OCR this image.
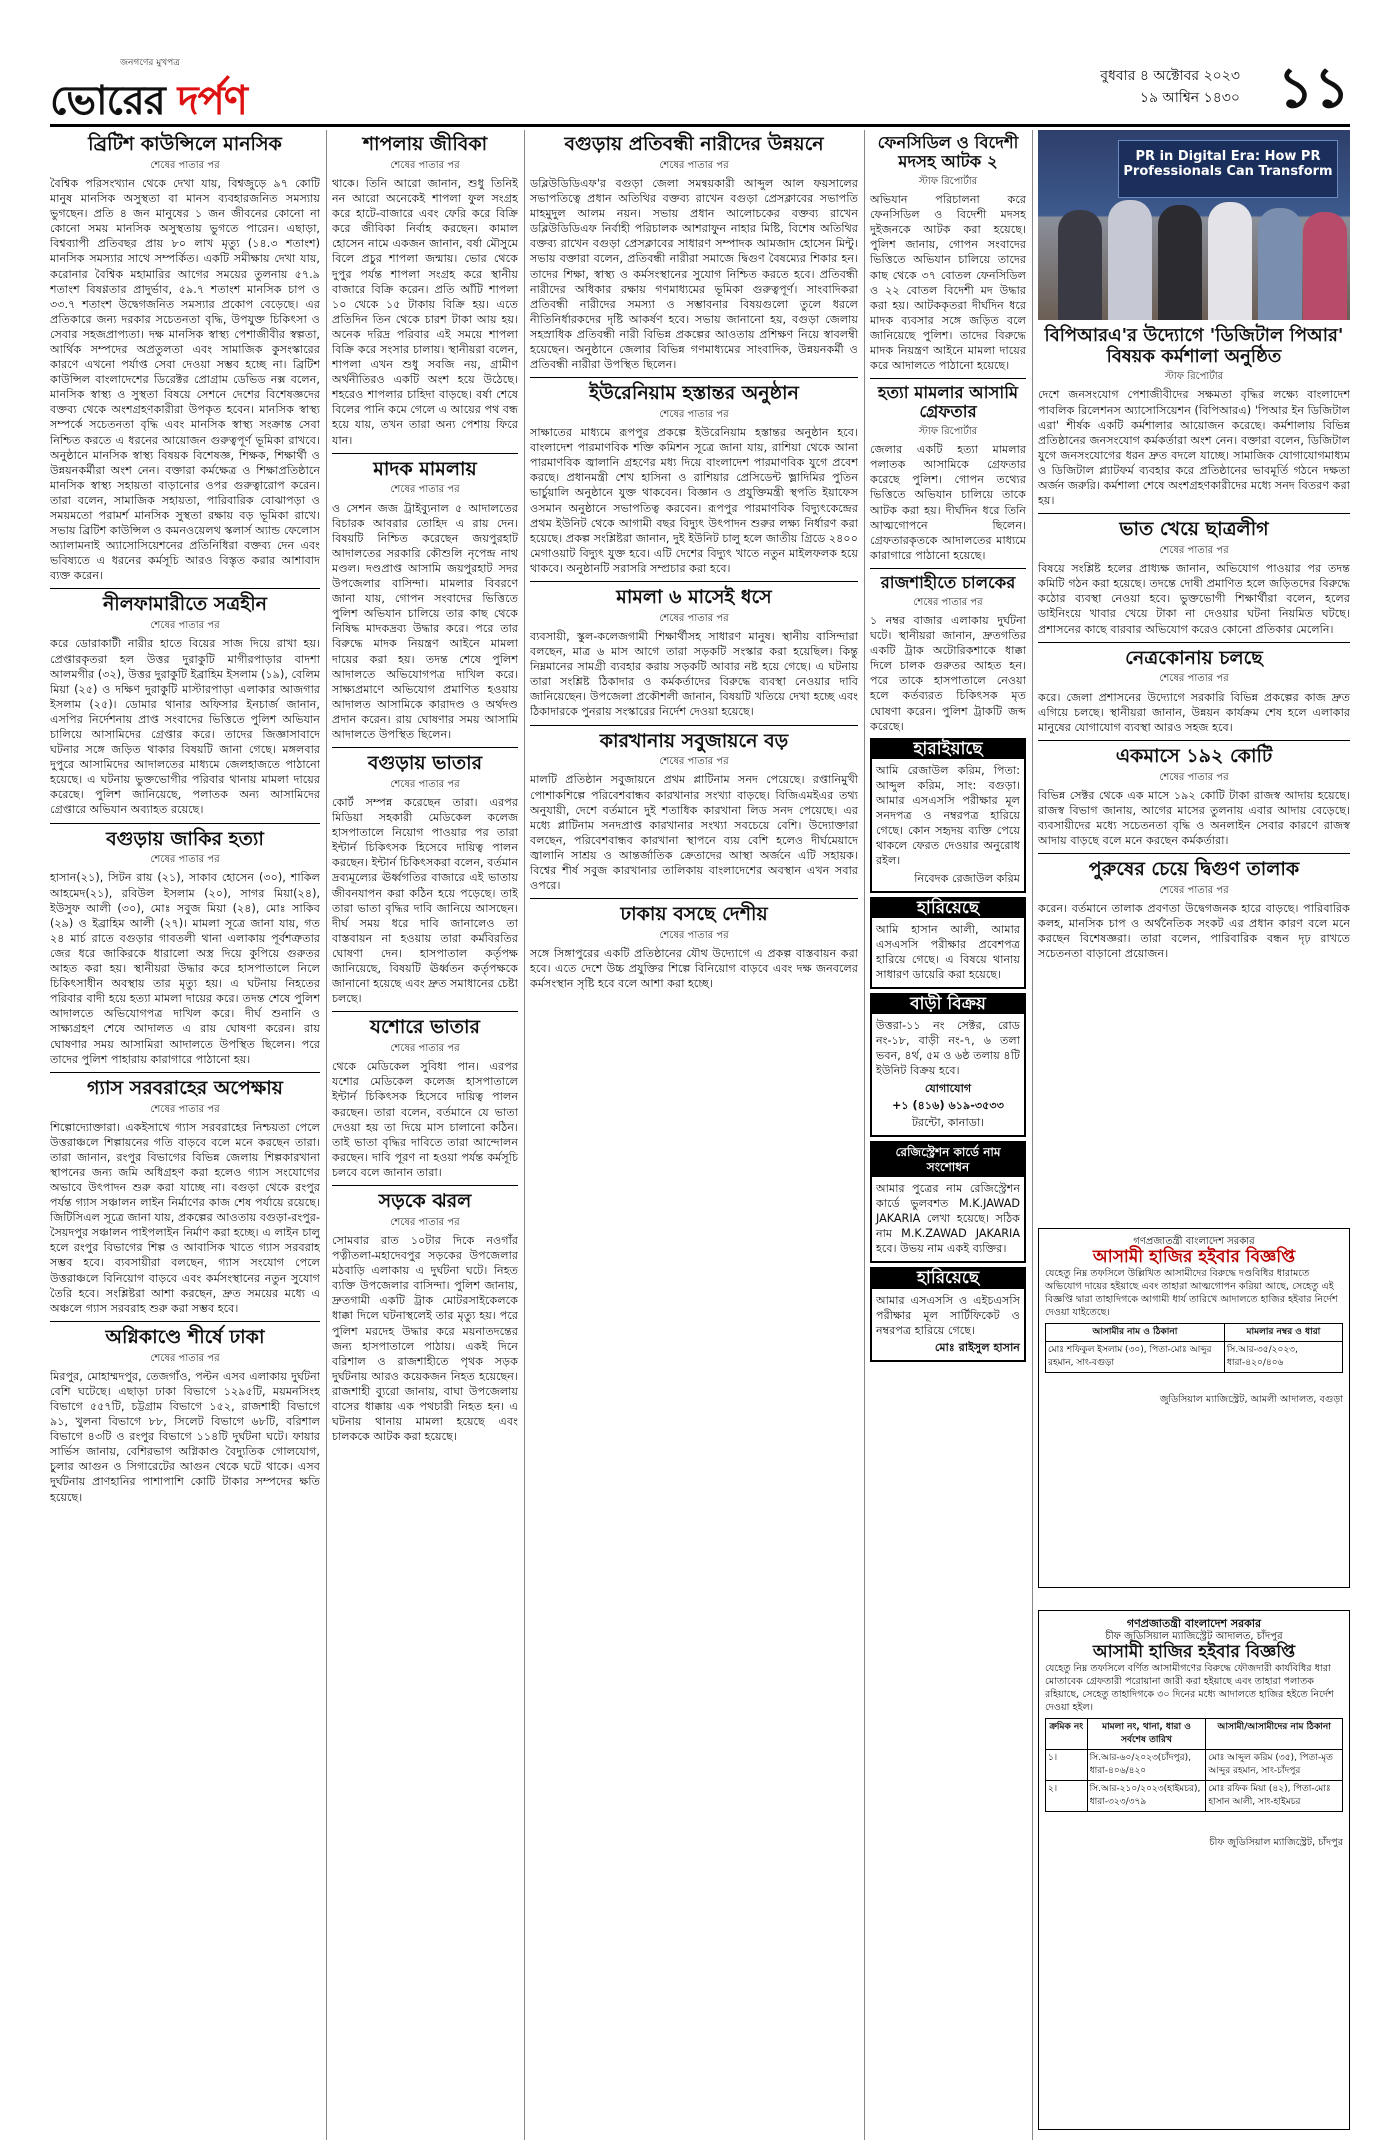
জনগণের মুখপত্র
ভোরের দর্পণ
বুধবার ৪ অক্টোবর ২০২৩
১৯ আশ্বিন ১৪৩০ ১১
ব্রিটিশ কাউন্সিলে মানসিক
শেষের পাতার পর

বৈশ্বিক পরিসংখ্যান থেকে দেখা যায়, বিশ্বজুড়ে ৯৭ কোটি মানুষ মানসিক অসুস্থতা বা মানস ব্যবহারজনিত সমস্যায় ভুগছেন। প্রতি ৪ জন মানুষের ১ জন জীবনের কোনো না কোনো সময় মানসিক অসুস্থতায় ভুগতে পারেন। এছাড়া, বিশ্বব্যাপী প্রতিবছর প্রায় ৮০ লাখ মৃত্যু (১৪.৩ শতাংশ) মানসিক সমস্যার সাথে সম্পর্কিত। একটি সমীক্ষায় দেখা যায়, করোনার বৈশ্বিক মহামারির আগের সময়ের তুলনায় ৫৭.৯ শতাংশ বিষণ্ণতার প্রাদুর্ভাব, ৫৯.৭ শতাংশ মানসিক চাপ ও ৩৩.৭ শতাংশ উদ্বেগজনিত সমস্যার প্রকোপ বেড়েছে। এর প্রতিকারে জন্য দরকার সচেতনতা বৃদ্ধি, উপযুক্ত চিকিৎসা ও সেবার সহজপ্রাপ্যতা। দক্ষ মানসিক স্বাস্থ্য পেশাজীবীর স্বল্পতা, আর্থিক সম্পদের অপ্রতুলতা এবং সামাজিক কুসংস্কারের কারণে এখনো পর্যাপ্ত সেবা দেওয়া সম্ভব হচ্ছে না। ব্রিটিশ কাউন্সিল বাংলাদেশের ডিরেক্টর প্রোগ্রাম ডেভিড নক্স বলেন, মানসিক স্বাস্থ্য ও সুস্থতা বিষয়ে সেশনে দেশের বিশেষজ্ঞদের বক্তব্য থেকে অংশগ্রহণকারীরা উপকৃত হবেন। মানসিক স্বাস্থ্য সম্পর্কে সচেতনতা বৃদ্ধি এবং মানসিক স্বাস্থ্য সংক্রান্ত সেবা নিশ্চিত করতে এ ধরনের আয়োজন গুরুত্বপূর্ণ ভূমিকা রাখবে। অনুষ্ঠানে মানসিক স্বাস্থ্য বিষয়ক বিশেষজ্ঞ, শিক্ষক, শিক্ষার্থী ও উন্নয়নকর্মীরা অংশ নেন। বক্তারা কর্মক্ষেত্র ও শিক্ষাপ্রতিষ্ঠানে মানসিক স্বাস্থ্য সহায়তা বাড়ানোর ওপর গুরুত্বারোপ করেন। তারা বলেন, সামাজিক সহায়তা, পারিবারিক বোঝাপড়া ও সময়মতো পরামর্শ মানসিক সুস্থতা রক্ষায় বড় ভূমিকা রাখে। সভায় ব্রিটিশ কাউন্সিল ও কমনওয়েলথ স্কলার্স অ্যান্ড ফেলোস অ্যালামনাই অ্যাসোসিয়েশনের প্রতিনিধিরা বক্তব্য দেন এবং ভবিষ্যতে এ ধরনের কর্মসূচি আরও বিস্তৃত করার আশাবাদ ব্যক্ত করেন।

নীলফামারীতে সত্রহীন
শেষের পাতার পর

করে ডোরাকাটী নারীর হাতে বিয়ের সাজ দিয়ে রাখা হয়। প্রেপ্তারকৃতরা হল উত্তর দুরাকুটি মাগীরপাড়ার বাদশা আলমগীর (৩২), উত্তর দুরাকুটি ইব্রাহিম ইসলাম (১৯), বেলিম মিয়া (২৫) ও দক্ষিণ দুরাকুটি মাস্টারপাড়া এলাকার আজগার ইসলাম (২৫)। ডোমার থানার অফিসার ইনচার্জ জানান, এসপির নির্দেশনায় প্রাপ্ত সংবাদের ভিত্তিতে পুলিশ অভিযান চালিয়ে আসামিদের গ্রেপ্তার করে। তাদের জিজ্ঞাসাবাদে ঘটনার সঙ্গে জড়িত থাকার বিষয়টি জানা গেছে। মঙ্গলবার দুপুরে আসামিদের আদালতের মাধ্যমে জেলহাজতে পাঠানো হয়েছে। এ ঘটনায় ভুক্তভোগীর পরিবার থানায় মামলা দায়ের করেছে। পুলিশ জানিয়েছে, পলাতক অন্য আসামিদের গ্রেপ্তারে অভিযান অব্যাহত রয়েছে।

বগুড়ায় জাকির হত্যা
শেষের পাতার পর

হাসান(২১), সিটন রায় (২১), সাকাব হোসেন (৩০), শাকিল আহমেদ(২১), রবিউল ইসলাম (২০), সাগর মিয়া(২৪), ইউসুফ আলী (৩০), মোঃ সবুজ মিয়া (২৪), মোঃ সাকিব (২৯) ও ইব্রাহিম আলী (২৭)। মামলা সূত্রে জানা যায়, গত ২৪ মার্চ রাতে বগুড়ার গাবতলী থানা এলাকায় পূর্বশত্রুতার জের ধরে জাকিরকে ধারালো অস্ত্র দিয়ে কুপিয়ে গুরুতর আহত করা হয়। স্থানীয়রা উদ্ধার করে হাসপাতালে নিলে চিকিৎসাধীন অবস্থায় তার মৃত্যু হয়। এ ঘটনায় নিহতের পরিবার বাদী হয়ে হত্যা মামলা দায়ের করে। তদন্ত শেষে পুলিশ আদালতে অভিযোগপত্র দাখিল করে। দীর্ঘ শুনানি ও সাক্ষ্যগ্রহণ শেষে আদালত এ রায় ঘোষণা করেন। রায় ঘোষণার সময় আসামিরা আদালতে উপস্থিত ছিলেন। পরে তাদের পুলিশ পাহারায় কারাগারে পাঠানো হয়।

গ্যাস সরবরাহের অপেক্ষায়
শেষের পাতার পর

শিল্পোদ্যোক্তারা। একইসাথে গ্যাস সরবরাহের নিশ্চয়তা পেলে উত্তরাঞ্চলে শিল্পায়নের গতি বাড়বে বলে মনে করছেন তারা। তারা জানান, রংপুর বিভাগের বিভিন্ন জেলায় শিল্পকারখানা স্থাপনের জন্য জমি অধিগ্রহণ করা হলেও গ্যাস সংযোগের অভাবে উৎপাদন শুরু করা যাচ্ছে না। বগুড়া থেকে রংপুর পর্যন্ত গ্যাস সঞ্চালন লাইন নির্মাণের কাজ শেষ পর্যায়ে রয়েছে। জিটিসিএল সূত্রে জানা যায়, প্রকল্পের আওতায় বগুড়া-রংপুর-সৈয়দপুর সঞ্চালন পাইপলাইন নির্মাণ করা হচ্ছে। এ লাইন চালু হলে রংপুর বিভাগের শিল্প ও আবাসিক খাতে গ্যাস সরবরাহ সম্ভব হবে। ব্যবসায়ীরা বলছেন, গ্যাস সংযোগ পেলে উত্তরাঞ্চলে বিনিয়োগ বাড়বে এবং কর্মসংস্থানের নতুন সুযোগ তৈরি হবে। সংশ্লিষ্টরা আশা করছেন, দ্রুত সময়ের মধ্যে এ অঞ্চলে গ্যাস সরবরাহ শুরু করা সম্ভব হবে।

অগ্নিকাণ্ডে শীর্ষে ঢাকা
শেষের পাতার পর

মিরপুর, মোহাম্মদপুর, তেজগাঁও, পল্টন এসব এলাকায় দুর্ঘটনা বেশি ঘটেছে। এছাড়া ঢাকা বিভাগে ১২৯৫টি, ময়মনসিংহ বিভাগে ৫৫৭টি, চট্টগ্রাম বিভাগে ১৫২, রাজশাহী বিভাগে ৯১, খুলনা বিভাগে ৮৮, সিলেট বিভাগে ৬৮টি, বরিশাল বিভাগে ৪৩টি ও রংপুর বিভাগে ১১৪টি দুর্ঘটনা ঘটে। ফায়ার সার্ভিস জানায়, বেশিরভাগ অগ্নিকাণ্ড বৈদ্যুতিক গোলযোগ, চুলার আগুন ও সিগারেটের আগুন থেকে ঘটে থাকে। এসব দুর্ঘটনায় প্রাণহানির পাশাপাশি কোটি টাকার সম্পদের ক্ষতি হয়েছে।

শাপলায় জীবিকা
শেষের পাতার পর

থাকে। তিনি আরো জানান, শুধু তিনিই নন আরো অনেকেই শাপলা ফুল সংগ্রহ করে হাটে-বাজারে এবং ফেরি করে বিক্রি করে জীবিকা নির্বাহ করছেন। কামাল হোসেন নামে একজন জানান, বর্ষা মৌসুমে বিলে প্রচুর শাপলা জন্মায়। ভোর থেকে দুপুর পর্যন্ত শাপলা সংগ্রহ করে স্থানীয় বাজারে বিক্রি করেন। প্রতি আঁটি শাপলা ১০ থেকে ১৫ টাকায় বিক্রি হয়। এতে প্রতিদিন তিন থেকে চারশ টাকা আয় হয়। অনেক দরিদ্র পরিবার এই সময়ে শাপলা বিক্রি করে সংসার চালায়। স্থানীয়রা বলেন, শাপলা এখন শুধু সবজি নয়, গ্রামীণ অর্থনীতিরও একটি অংশ হয়ে উঠেছে। শহরেও শাপলার চাহিদা বাড়ছে। বর্ষা শেষে বিলের পানি কমে গেলে এ আয়ের পথ বন্ধ হয়ে যায়, তখন তারা অন্য পেশায় ফিরে যান।

মাদক মামলায়
শেষের পাতার পর

ও সেশন জজ ট্রাইব্যুনাল ৫ আদালতের বিচারক আবরার তোহিদ এ রায় দেন। বিষয়টি নিশ্চিত করেছেন জয়পুরহাট আদালতের সরকারি কৌশুলি নৃপেন্দ্র নাথ মণ্ডল। দণ্ডপ্রাপ্ত আসামি জয়পুরহাট সদর উপজেলার বাসিন্দা। মামলার বিবরণে জানা যায়, গোপন সংবাদের ভিত্তিতে পুলিশ অভিযান চালিয়ে তার কাছ থেকে নিষিদ্ধ মাদকদ্রব্য উদ্ধার করে। পরে তার বিরুদ্ধে মাদক নিয়ন্ত্রণ আইনে মামলা দায়ের করা হয়। তদন্ত শেষে পুলিশ আদালতে অভিযোগপত্র দাখিল করে। সাক্ষ্যপ্রমাণে অভিযোগ প্রমাণিত হওয়ায় আদালত আসামিকে কারাদণ্ড ও অর্থদণ্ড প্রদান করেন। রায় ঘোষণার সময় আসামি আদালতে উপস্থিত ছিলেন।

বগুড়ায় ভাতার
শেষের পাতার পর

কোর্ট সম্পন্ন করেছেন তারা। এরপর মিডিয়া সহকারী মেডিকেল কলেজ হাসপাতালে নিয়োগ পাওয়ার পর তারা ইন্টার্ন চিকিৎসক হিসেবে দায়িত্ব পালন করছেন। ইন্টার্ন চিকিৎসকরা বলেন, বর্তমান দ্রব্যমূল্যের ঊর্ধ্বগতির বাজারে এই ভাতায় জীবনযাপন করা কঠিন হয়ে পড়েছে। তাই তারা ভাতা বৃদ্ধির দাবি জানিয়ে আসছেন। দীর্ঘ সময় ধরে দাবি জানালেও তা বাস্তবায়ন না হওয়ায় তারা কর্মবিরতির ঘোষণা দেন। হাসপাতাল কর্তৃপক্ষ জানিয়েছে, বিষয়টি ঊর্ধ্বতন কর্তৃপক্ষকে জানানো হয়েছে এবং দ্রুত সমাধানের চেষ্টা চলছে।

যশোরে ভাতার
শেষের পাতার পর

থেকে মেডিকেল সুবিধা পান। এরপর যশোর মেডিকেল কলেজ হাসপাতালে ইন্টার্ন চিকিৎসক হিসেবে দায়িত্ব পালন করছেন। তারা বলেন, বর্তমানে যে ভাতা দেওয়া হয় তা দিয়ে মাস চালানো কঠিন। তাই ভাতা বৃদ্ধির দাবিতে তারা আন্দোলন করছেন। দাবি পূরণ না হওয়া পর্যন্ত কর্মসূচি চলবে বলে জানান তারা।

সড়কে ঝরল
শেষের পাতার পর

সোমবার রাত ১০টার দিকে নওগাঁর পত্নীতলা-মহাদেবপুর সড়কের উপজেলার মঠবাড়ি এলাকায় এ দুর্ঘটনা ঘটে। নিহত ব্যক্তি উপজেলার বাসিন্দা। পুলিশ জানায়, দ্রুতগামী একটি ট্রাক মোটরসাইকেলকে ধাক্কা দিলে ঘটনাস্থলেই তার মৃত্যু হয়। পরে পুলিশ মরদেহ উদ্ধার করে ময়নাতদন্তের জন্য হাসপাতালে পাঠায়। একই দিনে বরিশাল ও রাজশাহীতে পৃথক সড়ক দুর্ঘটনায় আরও কয়েকজন নিহত হয়েছেন। রাজশাহী ব্যুরো জানায়, বাঘা উপজেলায় বাসের ধাক্কায় এক পথচারী নিহত হন। এ ঘটনায় থানায় মামলা হয়েছে এবং চালককে আটক করা হয়েছে।

বগুড়ায় প্রতিবন্ধী নারীদের উন্নয়নে
শেষের পাতার পর

ডব্লিউডিডিএফ'র বগুড়া জেলা সমন্বয়কারী আব্দুল আল ফয়সালের সভাপতিত্বে প্রধান অতিথির বক্তব্য রাখেন বগুড়া প্রেসক্লাবের সভাপতি মাহমুদুল আলম নয়ন। সভায় প্রধান আলোচকের বক্তব্য রাখেন ডব্লিউডিডিএফ নির্বাহী পরিচালক আশরাফুন নাহার মিষ্টি, বিশেষ অতিথির বক্তব্য রাখেন বগুড়া প্রেসক্লাবের সাধারণ সম্পাদক আমজাদ হোসেন মিন্টু। সভায় বক্তারা বলেন, প্রতিবন্ধী নারীরা সমাজে দ্বিগুণ বৈষম্যের শিকার হন। তাদের শিক্ষা, স্বাস্থ্য ও কর্মসংস্থানের সুযোগ নিশ্চিত করতে হবে। প্রতিবন্ধী নারীদের অধিকার রক্ষায় গণমাধ্যমের ভূমিকা গুরুত্বপূর্ণ। সাংবাদিকরা প্রতিবন্ধী নারীদের সমস্যা ও সম্ভাবনার বিষয়গুলো তুলে ধরলে নীতিনির্ধারকদের দৃষ্টি আকর্ষণ হবে। সভায় জানানো হয়, বগুড়া জেলায় সহস্রাধিক প্রতিবন্ধী নারী বিভিন্ন প্রকল্পের আওতায় প্রশিক্ষণ নিয়ে স্বাবলম্বী হয়েছেন। অনুষ্ঠানে জেলার বিভিন্ন গণমাধ্যমের সাংবাদিক, উন্নয়নকর্মী ও প্রতিবন্ধী নারীরা উপস্থিত ছিলেন।

ইউরেনিয়াম হস্তান্তর অনুষ্ঠান
শেষের পাতার পর

সাক্ষাতের মাধ্যমে রূপপুর প্রকল্পে ইউরেনিয়াম হস্তান্তর অনুষ্ঠান হবে। বাংলাদেশ পারমাণবিক শক্তি কমিশন সূত্রে জানা যায়, রাশিয়া থেকে আনা পারমাণবিক জ্বালানি গ্রহণের মধ্য দিয়ে বাংলাদেশ পারমাণবিক যুগে প্রবেশ করছে। প্রধানমন্ত্রী শেখ হাসিনা ও রাশিয়ার প্রেসিডেন্ট ভ্লাদিমির পুতিন ভার্চুয়ালি অনুষ্ঠানে যুক্ত থাকবেন। বিজ্ঞান ও প্রযুক্তিমন্ত্রী স্থপতি ইয়াফেস ওসমান অনুষ্ঠানে সভাপতিত্ব করবেন। রূপপুর পারমাণবিক বিদ্যুৎকেন্দ্রের প্রথম ইউনিট থেকে আগামী বছর বিদ্যুৎ উৎপাদন শুরুর লক্ষ্য নির্ধারণ করা হয়েছে। প্রকল্প সংশ্লিষ্টরা জানান, দুই ইউনিট চালু হলে জাতীয় গ্রিডে ২৪০০ মেগাওয়াট বিদ্যুৎ যুক্ত হবে। এটি দেশের বিদ্যুৎ খাতে নতুন মাইলফলক হয়ে থাকবে। অনুষ্ঠানটি সরাসরি সম্প্রচার করা হবে।

মামলা ৬ মাসেই ধসে
শেষের পাতার পর

ব্যবসায়ী, স্কুল-কলেজগামী শিক্ষার্থীসহ সাধারণ মানুষ। স্থানীয় বাসিন্দারা বলছেন, মাত্র ৬ মাস আগে তারা সড়কটি সংস্কার করা হয়েছিল। কিন্তু নিম্নমানের সামগ্রী ব্যবহার করায় সড়কটি আবার নষ্ট হয়ে গেছে। এ ঘটনায় তারা সংশ্লিষ্ট ঠিকাদার ও কর্মকর্তাদের বিরুদ্ধে ব্যবস্থা নেওয়ার দাবি জানিয়েছেন। উপজেলা প্রকৌশলী জানান, বিষয়টি খতিয়ে দেখা হচ্ছে এবং ঠিকাদারকে পুনরায় সংস্কারের নির্দেশ দেওয়া হয়েছে।

কারখানায় সবুজায়নে বড়
শেষের পাতার পর

মালটি প্রতিষ্ঠান সবুজায়নে প্রথম প্লাটিনাম সনদ পেয়েছে। রপ্তানিমুখী পোশাকশিল্পে পরিবেশবান্ধব কারখানার সংখ্যা বাড়ছে। বিজিএমইএর তথ্য অনুযায়ী, দেশে বর্তমানে দুই শতাধিক কারখানা লিড সনদ পেয়েছে। এর মধ্যে প্লাটিনাম সনদপ্রাপ্ত কারখানার সংখ্যা সবচেয়ে বেশি। উদ্যোক্তারা বলছেন, পরিবেশবান্ধব কারখানা স্থাপনে ব্যয় বেশি হলেও দীর্ঘমেয়াদে জ্বালানি সাশ্রয় ও আন্তর্জাতিক ক্রেতাদের আস্থা অর্জনে এটি সহায়ক। বিশ্বের শীর্ষ সবুজ কারখানার তালিকায় বাংলাদেশের অবস্থান এখন সবার ওপরে।

ঢাকায় বসছে দেশীয়
শেষের পাতার পর

সঙ্গে সিঙ্গাপুরের একটি প্রতিষ্ঠানের যৌথ উদ্যোগে এ প্রকল্প বাস্তবায়ন করা হবে। এতে দেশে উচ্চ প্রযুক্তির শিল্পে বিনিয়োগ বাড়বে এবং দক্ষ জনবলের কর্মসংস্থান সৃষ্টি হবে বলে আশা করা হচ্ছে।

ফেনসিডিল ও বিদেশী মদসহ আটক ২
স্টাফ রিপোর্টার

অভিযান পরিচালনা করে ফেনসিডিল ও বিদেশী মদসহ দুইজনকে আটক করা হয়েছে। পুলিশ জানায়, গোপন সংবাদের ভিত্তিতে অভিযান চালিয়ে তাদের কাছ থেকে ৩৭ বোতল ফেনসিডিল ও ২২ বোতল বিদেশী মদ উদ্ধার করা হয়। আটককৃতরা দীর্ঘদিন ধরে মাদক ব্যবসার সঙ্গে জড়িত বলে জানিয়েছে পুলিশ। তাদের বিরুদ্ধে মাদক নিয়ন্ত্রণ আইনে মামলা দায়ের করে আদালতে পাঠানো হয়েছে।

হত্যা মামলার আসামি গ্রেফতার
স্টাফ রিপোর্টার

জেলার একটি হত্যা মামলার পলাতক আসামিকে গ্রেফতার করেছে পুলিশ। গোপন তথ্যের ভিত্তিতে অভিযান চালিয়ে তাকে আটক করা হয়। দীর্ঘদিন ধরে তিনি আত্মগোপনে ছিলেন। গ্রেফতারকৃতকে আদালতের মাধ্যমে কারাগারে পাঠানো হয়েছে।

রাজশাহীতে চালকের
শেষের পাতার পর

১ নম্বর বাজার এলাকায় দুর্ঘটনা ঘটে। স্থানীয়রা জানান, দ্রুতগতির একটি ট্রাক অটোরিকশাকে ধাক্কা দিলে চালক গুরুতর আহত হন। পরে তাকে হাসপাতালে নেওয়া হলে কর্তব্যরত চিকিৎসক মৃত ঘোষণা করেন। পুলিশ ট্রাকটি জব্দ করেছে।

হারাইয়াছে

আমি রেজাউল করিম, পিতা: আব্দুল করিম, সাং: বগুড়া। আমার এসএসসি পরীক্ষার মূল সনদপত্র ও নম্বরপত্র হারিয়ে গেছে। কোন সহৃদয় ব্যক্তি পেয়ে থাকলে ফেরত দেওয়ার অনুরোধ রইল।

নিবেদক রেজাউল করিম

হারিয়েছে

আমি হাসান আলী, আমার এসএসসি পরীক্ষার প্রবেশপত্র হারিয়ে গেছে। এ বিষয়ে থানায় সাধারণ ডায়েরি করা হয়েছে।

বাড়ী বিক্রয়

উত্তরা-১১ নং সেক্টর, রোড নং-১৮, বাড়ী নং-৭, ৬ তলা ভবন, ৪র্থ, ৫ম ও ৬ষ্ঠ তলায় ৪টি ইউনিট বিক্রয় হবে।

যোগাযোগ

+১ (৪১৬) ৬১৯-৩৫৩৩

টরন্টো, কানাডা।

রেজিস্ট্রেশন কার্ডে নাম সংশোধন

আমার পুত্রের নাম রেজিস্ট্রেশন কার্ডে ভুলবশত M.K.JAWAD JAKARIA লেখা হয়েছে। সঠিক নাম M.K.ZAWAD JAKARIA হবে। উভয় নাম একই ব্যক্তির।

হারিয়েছে

আমার এসএসসি ও এইচএসসি পরীক্ষার মূল সার্টিফিকেট ও নম্বরপত্র হারিয়ে গেছে।

মোঃ রাইসুল হাসান

PR in Digital Era: How PR Professionals Can Transform
বিপিআরএ'র উদ্যোগে 'ডিজিটাল পিআর' বিষয়ক কর্মশালা অনুষ্ঠিত
স্টাফ রিপোর্টার

দেশে জনসংযোগ পেশাজীবীদের সক্ষমতা বৃদ্ধির লক্ষ্যে বাংলাদেশ পাবলিক রিলেশনস অ্যাসোসিয়েশন (বিপিআরএ) 'পিআর ইন ডিজিটাল এরা' শীর্ষক একটি কর্মশালার আয়োজন করেছে। কর্মশালায় বিভিন্ন প্রতিষ্ঠানের জনসংযোগ কর্মকর্তারা অংশ নেন। বক্তারা বলেন, ডিজিটাল যুগে জনসংযোগের ধরন দ্রুত বদলে যাচ্ছে। সামাজিক যোগাযোগমাধ্যম ও ডিজিটাল প্ল্যাটফর্ম ব্যবহার করে প্রতিষ্ঠানের ভাবমূর্তি গঠনে দক্ষতা অর্জন জরুরি। কর্মশালা শেষে অংশগ্রহণকারীদের মধ্যে সনদ বিতরণ করা হয়।

ভাত খেয়ে ছাত্রলীগ
শেষের পাতার পর

বিষয়ে সংশ্লিষ্ট হলের প্রাধ্যক্ষ জানান, অভিযোগ পাওয়ার পর তদন্ত কমিটি গঠন করা হয়েছে। তদন্তে দোষী প্রমাণিত হলে জড়িতদের বিরুদ্ধে কঠোর ব্যবস্থা নেওয়া হবে। ভুক্তভোগী শিক্ষার্থীরা বলেন, হলের ডাইনিংয়ে খাবার খেয়ে টাকা না দেওয়ার ঘটনা নিয়মিত ঘটছে। প্রশাসনের কাছে বারবার অভিযোগ করেও কোনো প্রতিকার মেলেনি।

নেত্রকোনায় চলছে
শেষের পাতার পর

করে। জেলা প্রশাসনের উদ্যোগে সরকারি বিভিন্ন প্রকল্পের কাজ দ্রুত এগিয়ে চলছে। স্থানীয়রা জানান, উন্নয়ন কার্যক্রম শেষ হলে এলাকার মানুষের যোগাযোগ ব্যবস্থা আরও সহজ হবে।

একমাসে ১৯২ কোটি
শেষের পাতার পর

বিভিন্ন সেক্টর থেকে এক মাসে ১৯২ কোটি টাকা রাজস্ব আদায় হয়েছে। রাজস্ব বিভাগ জানায়, আগের মাসের তুলনায় এবার আদায় বেড়েছে। ব্যবসায়ীদের মধ্যে সচেতনতা বৃদ্ধি ও অনলাইন সেবার কারণে রাজস্ব আদায় বাড়ছে বলে মনে করছেন কর্মকর্তারা।

পুরুষের চেয়ে দ্বিগুণ তালাক
শেষের পাতার পর

করেন। বর্তমানে তালাক প্রবণতা উদ্বেগজনক হারে বাড়ছে। পারিবারিক কলহ, মানসিক চাপ ও অর্থনৈতিক সংকট এর প্রধান কারণ বলে মনে করছেন বিশেষজ্ঞরা। তারা বলেন, পারিবারিক বন্ধন দৃঢ় রাখতে সচেতনতা বাড়ানো প্রয়োজন।

গণপ্রজাতন্ত্রী বাংলাদেশ সরকার
আসামী হাজির হইবার বিজ্ঞপ্তি

যেহেতু নিম্ন তফসিলে উল্লিখিত আসামীদের বিরুদ্ধে দণ্ডবিধির ধারামতে অভিযোগ দায়ের হইয়াছে এবং তাহারা আত্মগোপন করিয়া আছে, সেহেতু এই বিজ্ঞপ্তি দ্বারা তাহাদিগকে আগামী ধার্য তারিখে আদালতে হাজির হইবার নির্দেশ দেওয়া যাইতেছে।

আসামীর নাম ও ঠিকানা	মামলার নম্বর ও ধারা
মোঃ শফিকুল ইসলাম (৩০), পিতা-মোঃ আব্দুর রহমান, সাং-বগুড়া	সি.আর-৩৫/২০২৩, ধারা-৪২০/৪০৬

জুডিসিয়াল ম্যাজিস্ট্রেট, আমলী আদালত, বগুড়া

গণপ্রজাতন্ত্রী বাংলাদেশ সরকার
চীফ জুডিসিয়াল ম্যাজিস্ট্রেট আদালত, চাঁদপুর
আসামী হাজির হইবার বিজ্ঞপ্তি

যেহেতু নিম্ন তফসিলে বর্ণিত আসামীগণের বিরুদ্ধে ফৌজদারী কার্যবিধির ধারা মোতাবেক গ্রেফতারী পরোয়ানা জারী করা হইয়াছে এবং তাহারা পলাতক রহিয়াছে, সেহেতু তাহাদিগকে ৩০ দিনের মধ্যে আদালতে হাজির হইতে নির্দেশ দেওয়া হইল।

ক্রমিক নং	মামলা নং, থানা, ধারা ও সর্বশেষ তারিখ	আসামী/আসামীদের নাম ঠিকানা
১।	সি.আর-৬০/২০২৩(চাঁদপুর), ধারা-৪০৬/৪২০	মোঃ আব্দুল করিম (৩৫), পিতা-মৃত আব্দুর রহমান, সাং-চাঁদপুর
২।	সি.আর-২১০/২০২৩(হাইমচর), ধারা-৩২৩/৩৭৯	মোঃ রফিক মিয়া (৪২), পিতা-মোঃ হাসান আলী, সাং-হাইমচর

চীফ জুডিসিয়াল ম্যাজিস্ট্রেট, চাঁদপুর
